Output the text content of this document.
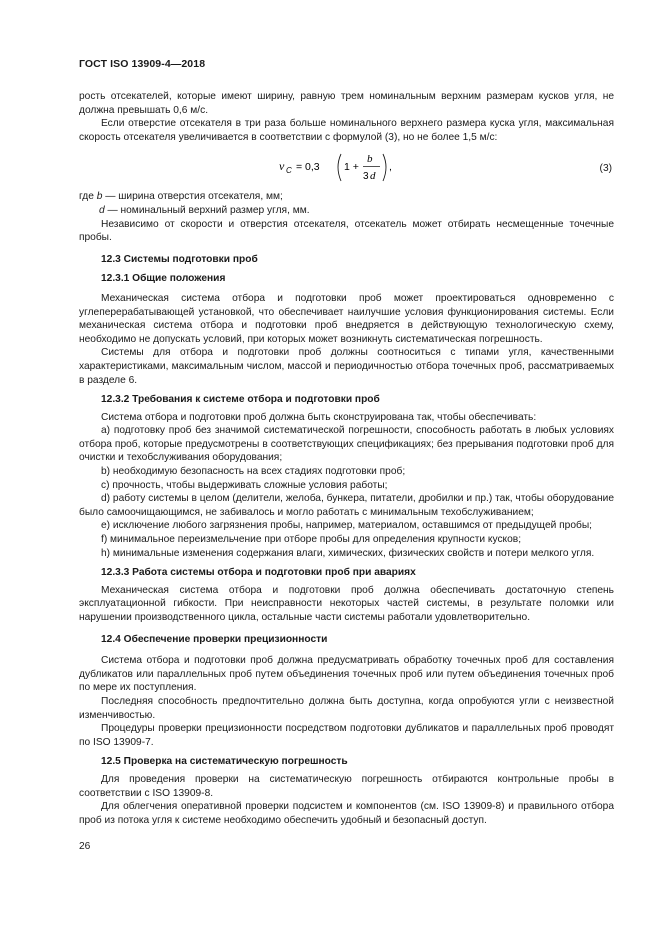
ГОСТ ISO 13909-4—2018

рость отсекателей, которые имеют ширину, равную трем номинальным верхним размерам кусков угля, не должна превышать 0,6 м/с.

Если отверстие отсекателя в три раза больше номинального верхнего размера куска угля, максимальная скорость отсекателя увеличивается в соответствии с формулой (3), но не более 1,5 м/с:

v C = 0,3 1 +
b
3 d
,	(3)

где b — ширина отверстия отсекателя, мм;

d — номинальный верхний размер угля, мм.

Независимо от скорости и отверстия отсекателя, отсекатель может отбирать несмещенные точечные пробы.

12.3 Системы подготовки проб
12.3.1 Общие положения

Механическая система отбора и подготовки проб может проектироваться одновременно с углеперерабатывающей установкой, что обеспечивает наилучшие условия функционирования системы. Если механическая система отбора и подготовки проб внедряется в действующую технологическую схему, необходимо не допускать условий, при которых может возникнуть систематическая погрешность.

Системы для отбора и подготовки проб должны соотноситься с типами угля, качественными характеристиками, максимальным числом, массой и периодичностью отбора точечных проб, рассматриваемых в разделе 6.

12.3.2 Требования к системе отбора и подготовки проб

Система отбора и подготовки проб должна быть сконструирована так, чтобы обеспечивать:

a) подготовку проб без значимой систематической погрешности, способность работать в любых условиях отбора проб, которые предусмотрены в соответствующих спецификациях; без прерывания подготовки проб для очистки и техобслуживания оборудования;

b) необходимую безопасность на всех стадиях подготовки проб;

c) прочность, чтобы выдерживать сложные условия работы;

d) работу системы в целом (делители, желоба, бункера, питатели, дробилки и пр.) так, чтобы оборудование было самоочищающимся, не забивалось и могло работать с минимальным техобслуживанием;

e) исключение любого загрязнения пробы, например, материалом, оставшимся от предыдущей пробы;

f) минимальное переизмельчение при отборе пробы для определения крупности кусков;

h) минимальные изменения содержания влаги, химических, физических свойств и потери мелкого угля.

12.3.3 Работа системы отбора и подготовки проб при авариях

Механическая система отбора и подготовки проб должна обеспечивать достаточную степень эксплуатационной гибкости. При неисправности некоторых частей системы, в результате поломки или нарушении производственного цикла, остальные части системы работали удовлетворительно.

12.4 Обеспечение проверки прецизионности

Система отбора и подготовки проб должна предусматривать обработку точечных проб для составления дубликатов или параллельных проб путем объединения точечных проб или путем объединения точечных проб по мере их поступления.

Последняя способность предпочтительно должна быть доступна, когда опробуются угли с неизвестной изменчивостью.

Процедуры проверки прецизионности посредством подготовки дубликатов и параллельных проб проводят по ISO 13909-7.

12.5 Проверка на систематическую погрешность

Для проведения проверки на систематическую погрешность отбираются контрольные пробы в соответствии с ISO 13909-8.

Для облегчения оперативной проверки подсистем и компонентов (см. ISO 13909-8) и правильного отбора проб из потока угля к системе необходимо обеспечить удобный и безопасный доступ.

26
